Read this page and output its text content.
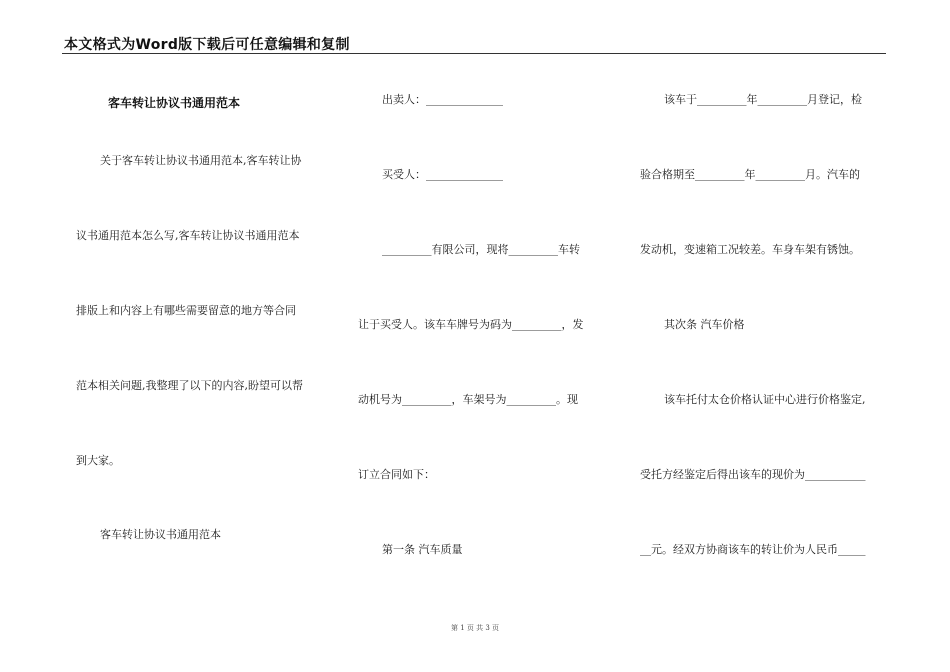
本文格式为Word版下载后可任意编辑和复制
客车转让协议书通用范本
关于客车转让协议书通用范本,客车转让协
议书通用范本怎么写,客车转让协议书通用范本
排版上和内容上有哪些需要留意的地方等合同
范本相关问题,我整理了以下的内容,盼望可以帮
到大家。
客车转让协议书通用范本
出卖人：______________
买受人：______________
_________有限公司，现将_________车转
让于买受人。该车车牌号为码为_________，发
动机号为_________，车架号为_________。现
订立合同如下：
第一条 汽车质量
该车于_________年_________月登记，检
验合格期至_________年_________月。汽车的
发动机，变速箱工况较差。车身车架有锈蚀。
其次条 汽车价格
该车托付太仓价格认证中心进行价格鉴定,
受托方经鉴定后得出该车的现价为___________
__元。经双方协商该车的转让价为人民币_____
第 1 页 共 3 页
